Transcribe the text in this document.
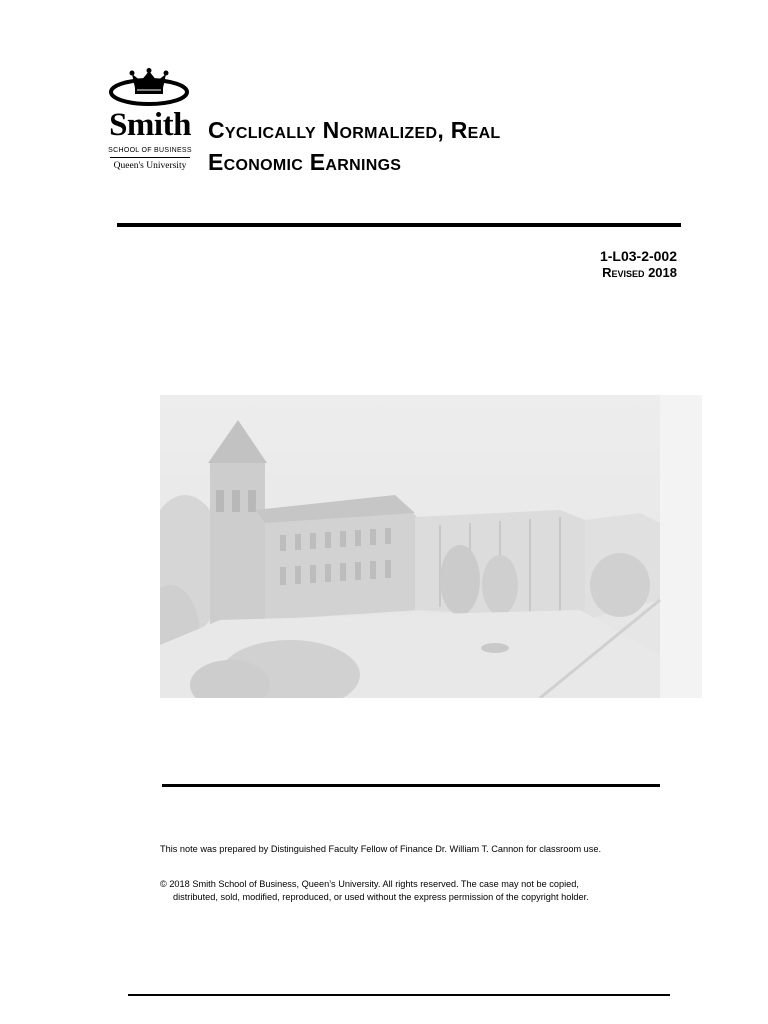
Smith
SCHOOL OF BUSINESS
Queen's University
Cyclically Normalized, Real
Economic Earnings
1-L03-2-002
Revised 2018
This note was prepared by Distinguished Faculty Fellow of Finance Dr. William T. Cannon for classroom use.
© 2018 Smith School of Business, Queen’s University. All rights reserved. The case may not be copied,
distributed, sold, modified, reproduced, or used without the express permission of the copyright holder.
